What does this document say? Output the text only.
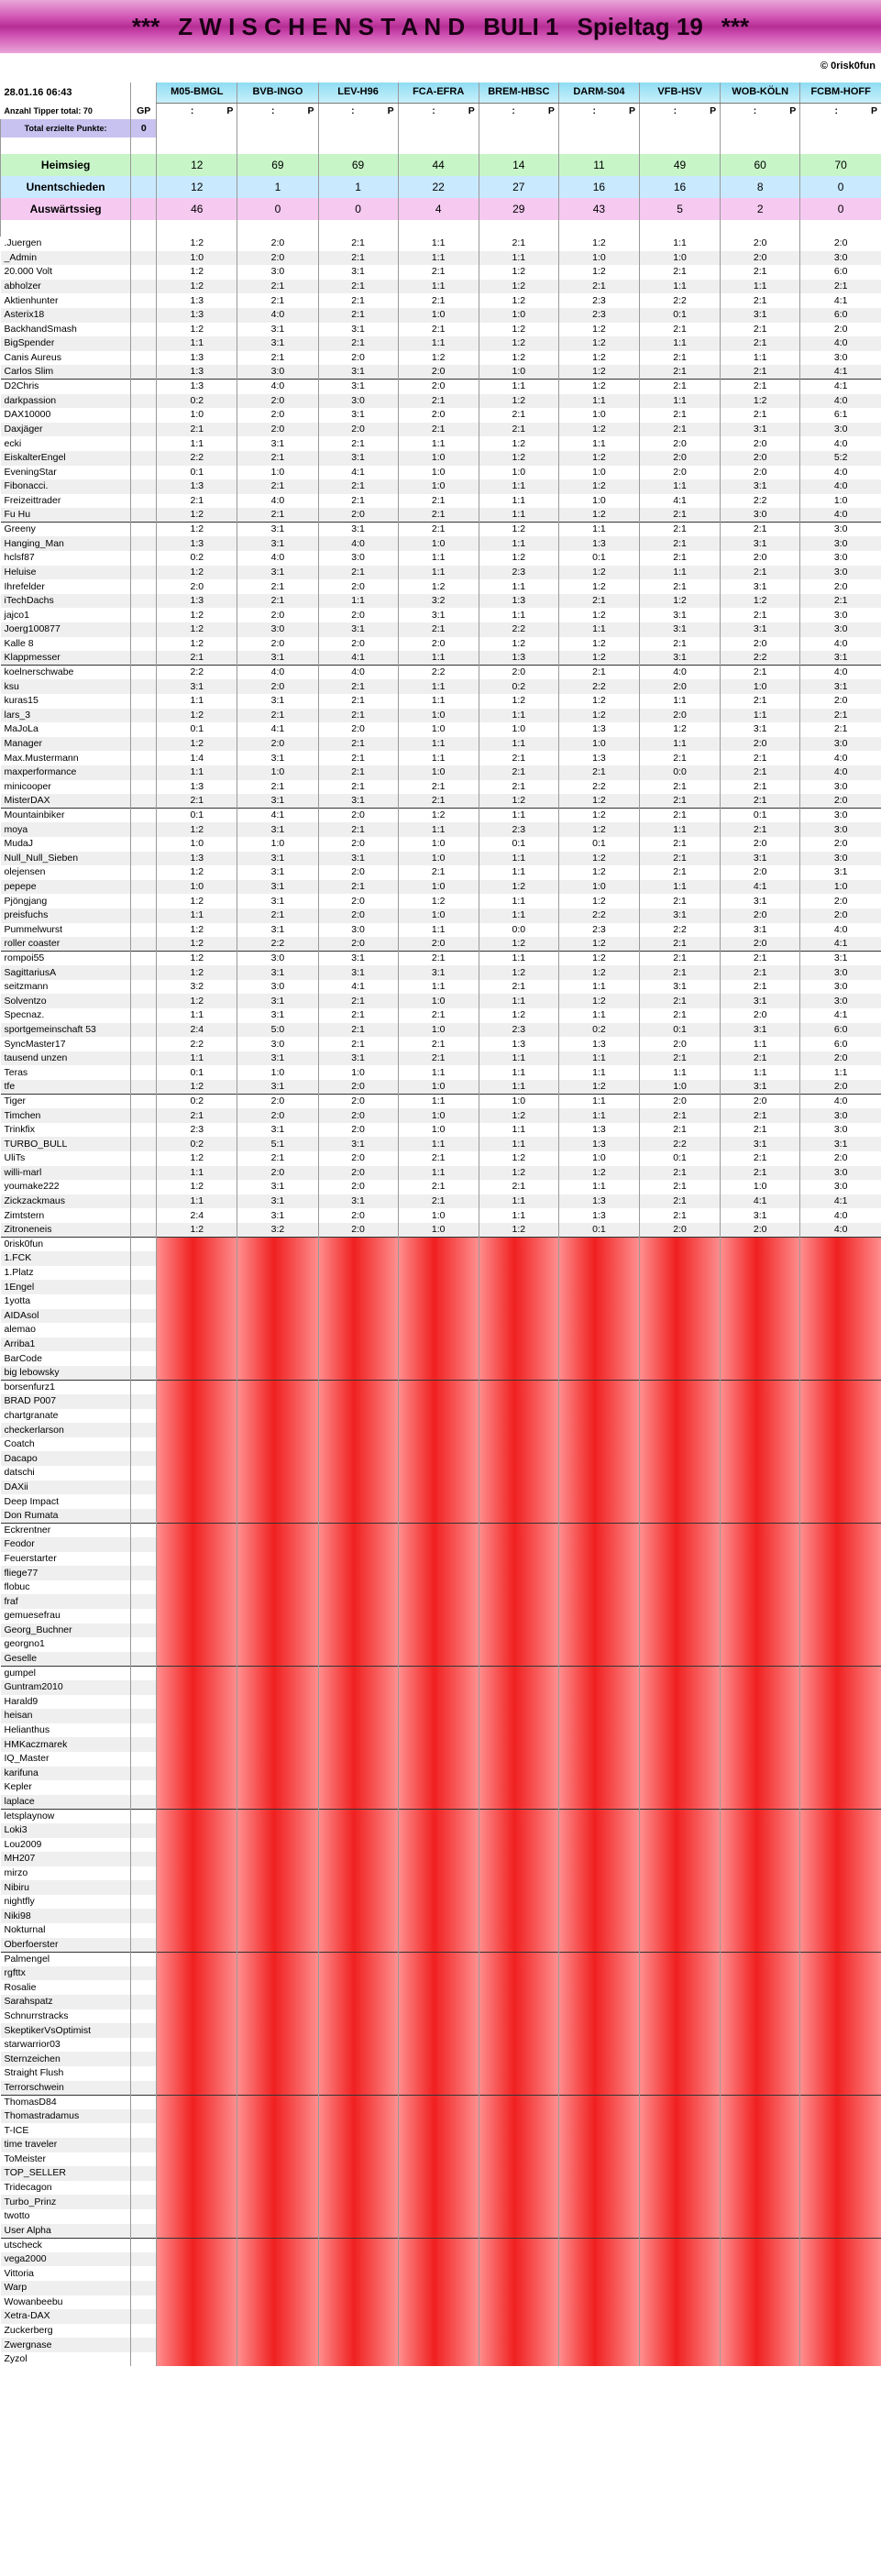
*** Z W I S C H E N S T A N D BULI 1 Spieltag 19 ***
© 0risk0fun
28.01.16 06:43		M05-BMGL	BVB-INGO	LEV-H96	FCA-EFRA	BREM-HBSC	DARM-S04	VFB-HSV	WOB-KÖLN	FCBM-HOFF
Anzahl Tipper total: 70	GP	: P	: P	: P	: P	: P	: P	: P	: P	: P

Total erzielte Punkte:	0									

Heimsieg		12	69	69	44	14	11	49	60	70
Unentschieden		12	1	1	22	27	16	16	8	0
Auswärtssieg		46	0	0	4	29	43	5	2	0

.Juergen		1:2	2:0	2:1	1:1	2:1	1:2	1:1	2:0	2:0
_Admin		1:0	2:0	2:1	1:1	1:1	1:0	1:0	2:0	3:0
20.000 Volt		1:2	3:0	3:1	2:1	1:2	1:2	2:1	2:1	6:0
abholzer		1:2	2:1	2:1	1:1	1:2	2:1	1:1	1:1	2:1
Aktienhunter		1:3	2:1	2:1	2:1	1:2	2:3	2:2	2:1	4:1
Asterix18		1:3	4:0	2:1	1:0	1:0	2:3	0:1	3:1	6:0
BackhandSmash		1:2	3:1	3:1	2:1	1:2	1:2	2:1	2:1	2:0
BigSpender		1:1	3:1	2:1	1:1	1:2	1:2	1:1	2:1	4:0
Canis Aureus		1:3	2:1	2:0	1:2	1:2	1:2	2:1	1:1	3:0
Carlos Slim		1:3	3:0	3:1	2:0	1:0	1:2	2:1	2:1	4:1
D2Chris		1:3	4:0	3:1	2:0	1:1	1:2	2:1	2:1	4:1
darkpassion		0:2	2:0	3:0	2:1	1:2	1:1	1:1	1:2	4:0
DAX10000		1:0	2:0	3:1	2:0	2:1	1:0	2:1	2:1	6:1
Daxjäger		2:1	2:0	2:0	2:1	2:1	1:2	2:1	3:1	3:0
ecki		1:1	3:1	2:1	1:1	1:2	1:1	2:0	2:0	4:0
EiskalterEngel		2:2	2:1	3:1	1:0	1:2	1:2	2:0	2:0	5:2
EveningStar		0:1	1:0	4:1	1:0	1:0	1:0	2:0	2:0	4:0
Fibonacci.		1:3	2:1	2:1	1:0	1:1	1:2	1:1	3:1	4:0
Freizeittrader		2:1	4:0	2:1	2:1	1:1	1:0	4:1	2:2	1:0
Fu Hu		1:2	2:1	2:0	2:1	1:1	1:2	2:1	3:0	4:0
Greeny		1:2	3:1	3:1	2:1	1:2	1:1	2:1	2:1	3:0
Hanging_Man		1:3	3:1	4:0	1:0	1:1	1:3	2:1	3:1	3:0
hclsf87		0:2	4:0	3:0	1:1	1:2	0:1	2:1	2:0	3:0
Heluise		1:2	3:1	2:1	1:1	2:3	1:2	1:1	2:1	3:0
Ihrefelder		2:0	2:1	2:0	1:2	1:1	1:2	2:1	3:1	2:0
iTechDachs		1:3	2:1	1:1	3:2	1:3	2:1	1:2	1:2	2:1
jajco1		1:2	2:0	2:0	3:1	1:1	1:2	3:1	2:1	3:0
Joerg100877		1:2	3:0	3:1	2:1	2:2	1:1	3:1	3:1	3:0
Kalle 8		1:2	2:0	2:0	2:0	1:2	1:2	2:1	2:0	4:0
Klappmesser		2:1	3:1	4:1	1:1	1:3	1:2	3:1	2:2	3:1
koelnerschwabe		2:2	4:0	4:0	2:2	2:0	2:1	4:0	2:1	4:0
ksu		3:1	2:0	2:1	1:1	0:2	2:2	2:0	1:0	3:1
kuras15		1:1	3:1	2:1	1:1	1:2	1:2	1:1	2:1	2:0
lars_3		1:2	2:1	2:1	1:0	1:1	1:2	2:0	1:1	2:1
MaJoLa		0:1	4:1	2:0	1:0	1:0	1:3	1:2	3:1	2:1
Manager		1:2	2:0	2:1	1:1	1:1	1:0	1:1	2:0	3:0
Max.Mustermann		1:4	3:1	2:1	1:1	2:1	1:3	2:1	2:1	4:0
maxperformance		1:1	1:0	2:1	1:0	2:1	2:1	0:0	2:1	4:0
minicooper		1:3	2:1	2:1	2:1	2:1	2:2	2:1	2:1	3:0
MisterDAX		2:1	3:1	3:1	2:1	1:2	1:2	2:1	2:1	2:0
Mountainbiker		0:1	4:1	2:0	1:2	1:1	1:2	2:1	0:1	3:0
moya		1:2	3:1	2:1	1:1	2:3	1:2	1:1	2:1	3:0
MudaJ		1:0	1:0	2:0	1:0	0:1	0:1	2:1	2:0	2:0
Null_Null_Sieben		1:3	3:1	3:1	1:0	1:1	1:2	2:1	3:1	3:0
olejensen		1:2	3:1	2:0	2:1	1:1	1:2	2:1	2:0	3:1
pepepe		1:0	3:1	2:1	1:0	1:2	1:0	1:1	4:1	1:0
Pjöngjang		1:2	3:1	2:0	1:2	1:1	1:2	2:1	3:1	2:0
preisfuchs		1:1	2:1	2:0	1:0	1:1	2:2	3:1	2:0	2:0
Pummelwurst		1:2	3:1	3:0	1:1	0:0	2:3	2:2	3:1	4:0
roller coaster		1:2	2:2	2:0	2:0	1:2	1:2	2:1	2:0	4:1
rompoi55		1:2	3:0	3:1	2:1	1:1	1:2	2:1	2:1	3:1
SagittariusA		1:2	3:1	3:1	3:1	1:2	1:2	2:1	2:1	3:0
seitzmann		3:2	3:0	4:1	1:1	2:1	1:1	3:1	2:1	3:0
Solventzo		1:2	3:1	2:1	1:0	1:1	1:2	2:1	3:1	3:0
Specnaz.		1:1	3:1	2:1	2:1	1:2	1:1	2:1	2:0	4:1
sportgemeinschaft 53		2:4	5:0	2:1	1:0	2:3	0:2	0:1	3:1	6:0
SyncMaster17		2:2	3:0	2:1	2:1	1:3	1:3	2:0	1:1	6:0
tausend unzen		1:1	3:1	3:1	2:1	1:1	1:1	2:1	2:1	2:0
Teras		0:1	1:0	1:0	1:1	1:1	1:1	1:1	1:1	1:1
tfe		1:2	3:1	2:0	1:0	1:1	1:2	1:0	3:1	2:0
Tiger		0:2	2:0	2:0	1:1	1:0	1:1	2:0	2:0	4:0
Timchen		2:1	2:0	2:0	1:0	1:2	1:1	2:1	2:1	3:0
Trinkfix		2:3	3:1	2:0	1:0	1:1	1:3	2:1	2:1	3:0
TURBO_BULL		0:2	5:1	3:1	1:1	1:1	1:3	2:2	3:1	3:1
UliTs		1:2	2:1	2:0	2:1	1:2	1:0	0:1	2:1	2:0
willi-marl		1:1	2:0	2:0	1:1	1:2	1:2	2:1	2:1	3:0
youmake222		1:2	3:1	2:0	2:1	2:1	1:1	2:1	1:0	3:0
Zickzackmaus		1:1	3:1	3:1	2:1	1:1	1:3	2:1	4:1	4:1
Zimtstern		2:4	3:1	2:0	1:0	1:1	1:3	2:1	3:1	4:0
Zitroneneis		1:2	3:2	2:0	1:0	1:2	0:1	2:0	2:0	4:0
0risk0fun										
1.FCK										
1.Platz										
1Engel										
1yotta										
AIDAsol										
alemao										
Arriba1										
BarCode										
big lebowsky										
borsenfurz1										
BRAD P007										
chartgranate										
checkerlarson										
Coatch										
Dacapo										
datschi										
DAXii										
Deep Impact										
Don Rumata										
Eckrentner										
Feodor										
Feuerstarter										
fliege77										
flobuc										
fraf										
gemuesefrau										
Georg_Buchner										
georgno1										
Geselle										
gumpel										
Guntram2010										
Harald9										
heisan										
Helianthus										
HMKaczmarek										
IQ_Master										
karifuna										
Kepler										
laplace										
letsplaynow										
Loki3										
Lou2009										
MH207										
mirzo										
Nibiru										
nightfly										
Niki98										
Nokturnal										
Oberfoerster										
Palmengel										
rgfttx										
Rosalie										
Sarahspatz										
Schnurrstracks										
SkeptikerVsOptimist										
starwarrior03										
Sternzeichen										
Straight Flush										
Terrorschwein										
ThomasD84										
Thomastradamus										
T-ICE										
time traveler										
ToMeister										
TOP_SELLER										
Tridecagon										
Turbo_Prinz										
twotto										
User Alpha										
utscheck										
vega2000										
Vittoria										
Warp										
Wowanbeebu										
Xetra-DAX										
Zuckerberg										
Zwergnase										
Zyzol										
